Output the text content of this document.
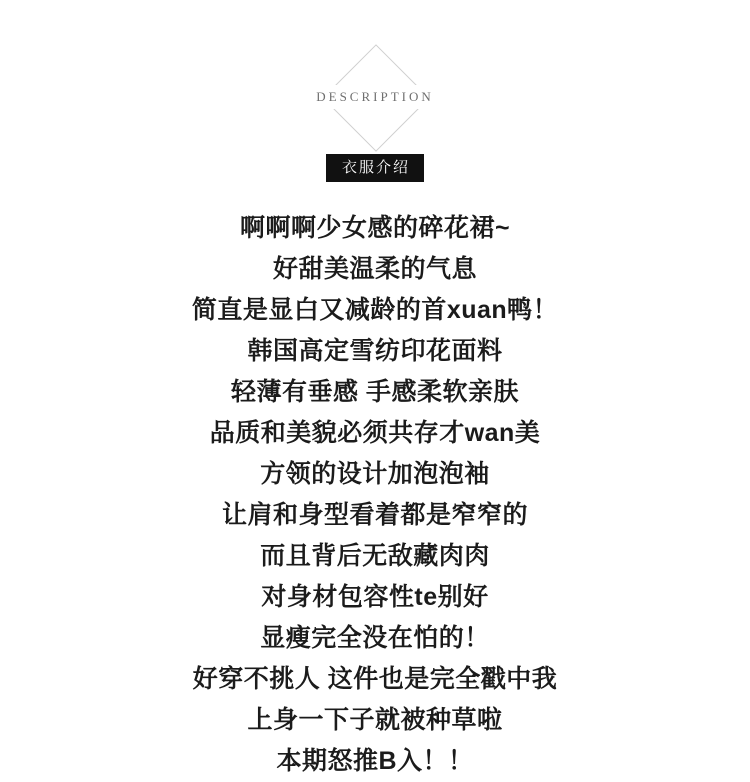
DESCRIPTION
衣服介绍
啊啊啊少女感的碎花裙~
好甜美温柔的气息
简直是显白又减龄的首xuan鸭！
韩国高定雪纺印花面料
轻薄有垂感 手感柔软亲肤
品质和美貌必须共存才wan美
方领的设计加泡泡袖
让肩和身型看着都是窄窄的
而且背后无敌藏肉肉
对身材包容性te别好
显瘦完全没在怕的！
好穿不挑人 这件也是完全戳中我
上身一下子就被种草啦
本期怒推B入！！
